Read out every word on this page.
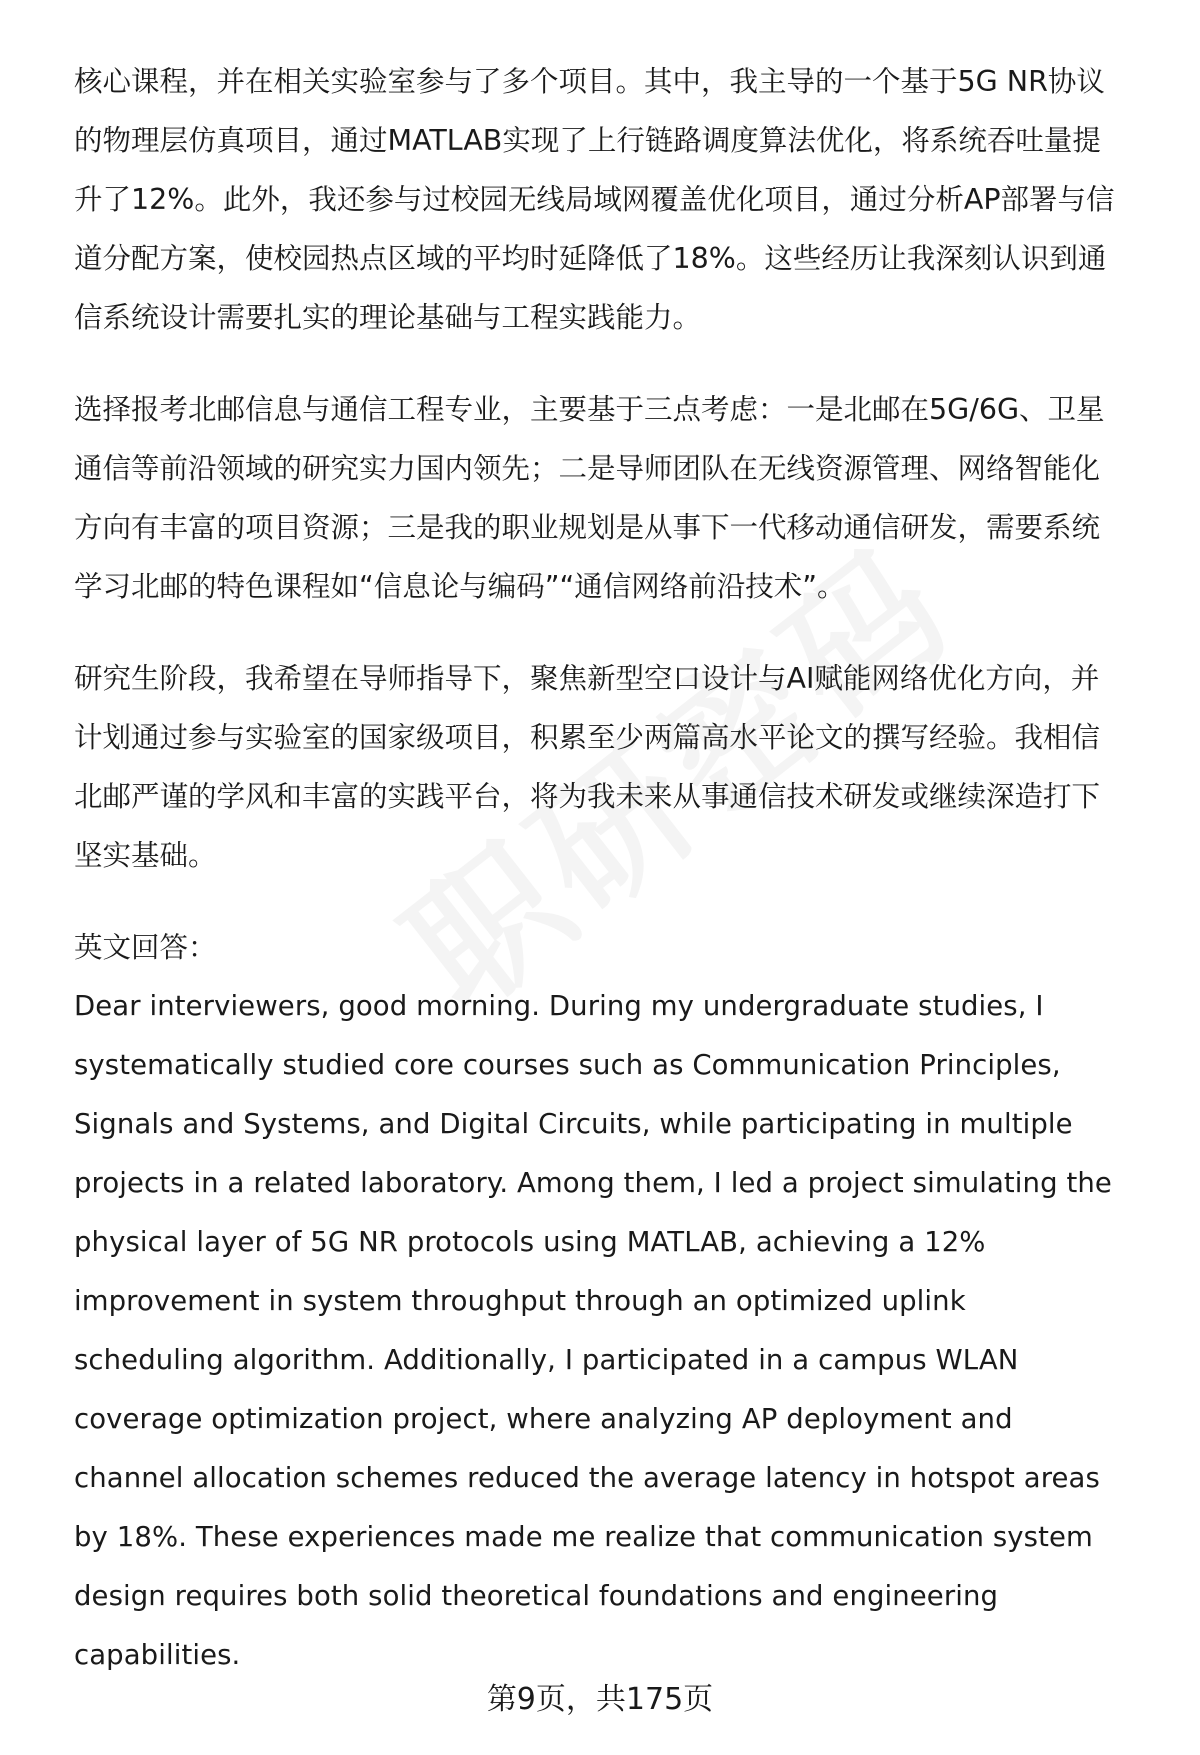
核心课程，并在相关实验室参与了多个项目。其中，我主导的一个基于5G NR协议
的物理层仿真项目，通过MATLAB实现了上行链路调度算法优化，将系统吞吐量提
升了12%。此外，我还参与过校园无线局域网覆盖优化项目，通过分析AP部署与信
道分配方案，使校园热点区域的平均时延降低了18%。这些经历让我深刻认识到通
信系统设计需要扎实的理论基础与工程实践能力。
选择报考北邮信息与通信工程专业，主要基于三点考虑：一是北邮在5G/6G、卫星
通信等前沿领域的研究实力国内领先；二是导师团队在无线资源管理、网络智能化
方向有丰富的项目资源；三是我的职业规划是从事下一代移动通信研发，需要系统
学习北邮的特色课程如“信息论与编码”“通信网络前沿技术”。
研究生阶段，我希望在导师指导下，聚焦新型空口设计与AI赋能网络优化方向，并
计划通过参与实验室的国家级项目，积累至少两篇高水平论文的撰写经验。我相信
北邮严谨的学风和丰富的实践平台，将为我未来从事通信技术研发或继续深造打下
坚实基础。
英文回答：
Dear interviewers, good morning. During my undergraduate studies, I
systematically studied core courses such as Communication Principles,
Signals and Systems, and Digital Circuits, while participating in multiple
projects in a related laboratory. Among them, I led a project simulating the
physical layer of 5G NR protocols using MATLAB, achieving a 12%
improvement in system throughput through an optimized uplink
scheduling algorithm. Additionally, I participated in a campus WLAN
coverage optimization project, where analyzing AP deployment and
channel allocation schemes reduced the average latency in hotspot areas
by 18%. These experiences made me realize that communication system
design requires both solid theoretical foundations and engineering
capabilities.
第9页，共175页
